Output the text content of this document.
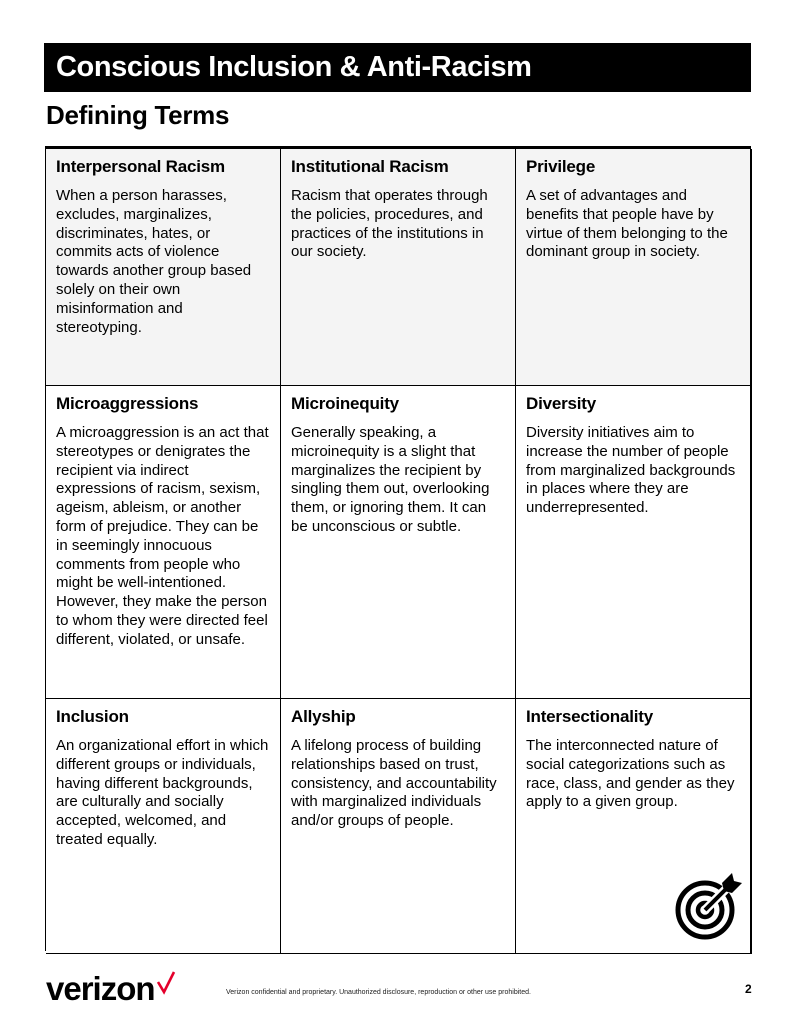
Conscious Inclusion & Anti-Racism
Defining Terms
Interpersonal Racism
When a person harasses, excludes, marginalizes, discriminates, hates, or commits acts of violence towards another group based solely on their own misinformation and stereotyping.
Institutional Racism
Racism that operates through the policies, procedures, and practices of the institutions in our society.
Privilege
A set of advantages and benefits that people have by virtue of them belonging to the dominant group in society.
Microaggressions
A microaggression is an act that stereotypes or denigrates the recipient via indirect expressions of racism, sexism, ageism, ableism, or another form of prejudice. They can be in seemingly innocuous comments from people who might be well-intentioned. However, they make the person to whom they were directed feel different, violated, or unsafe.
Microinequity
Generally speaking, a microinequity is a slight that marginalizes the recipient by singling them out, overlooking them, or ignoring them. It can be unconscious or subtle.
Diversity
Diversity initiatives aim to increase the number of people from marginalized backgrounds in places where they are underrepresented.
Inclusion
An organizational effort in which different groups or individuals, having different backgrounds, are culturally and socially accepted, welcomed, and treated equally.
Allyship
A lifelong process of building relationships based on trust, consistency, and accountability with marginalized individuals and/or groups of people.
Intersectionality
The interconnected nature of social categorizations such as race, class, and gender as they apply to a given group.
verizon	Verizon confidential and proprietary. Unauthorized disclosure, reproduction or other use prohibited.	2
